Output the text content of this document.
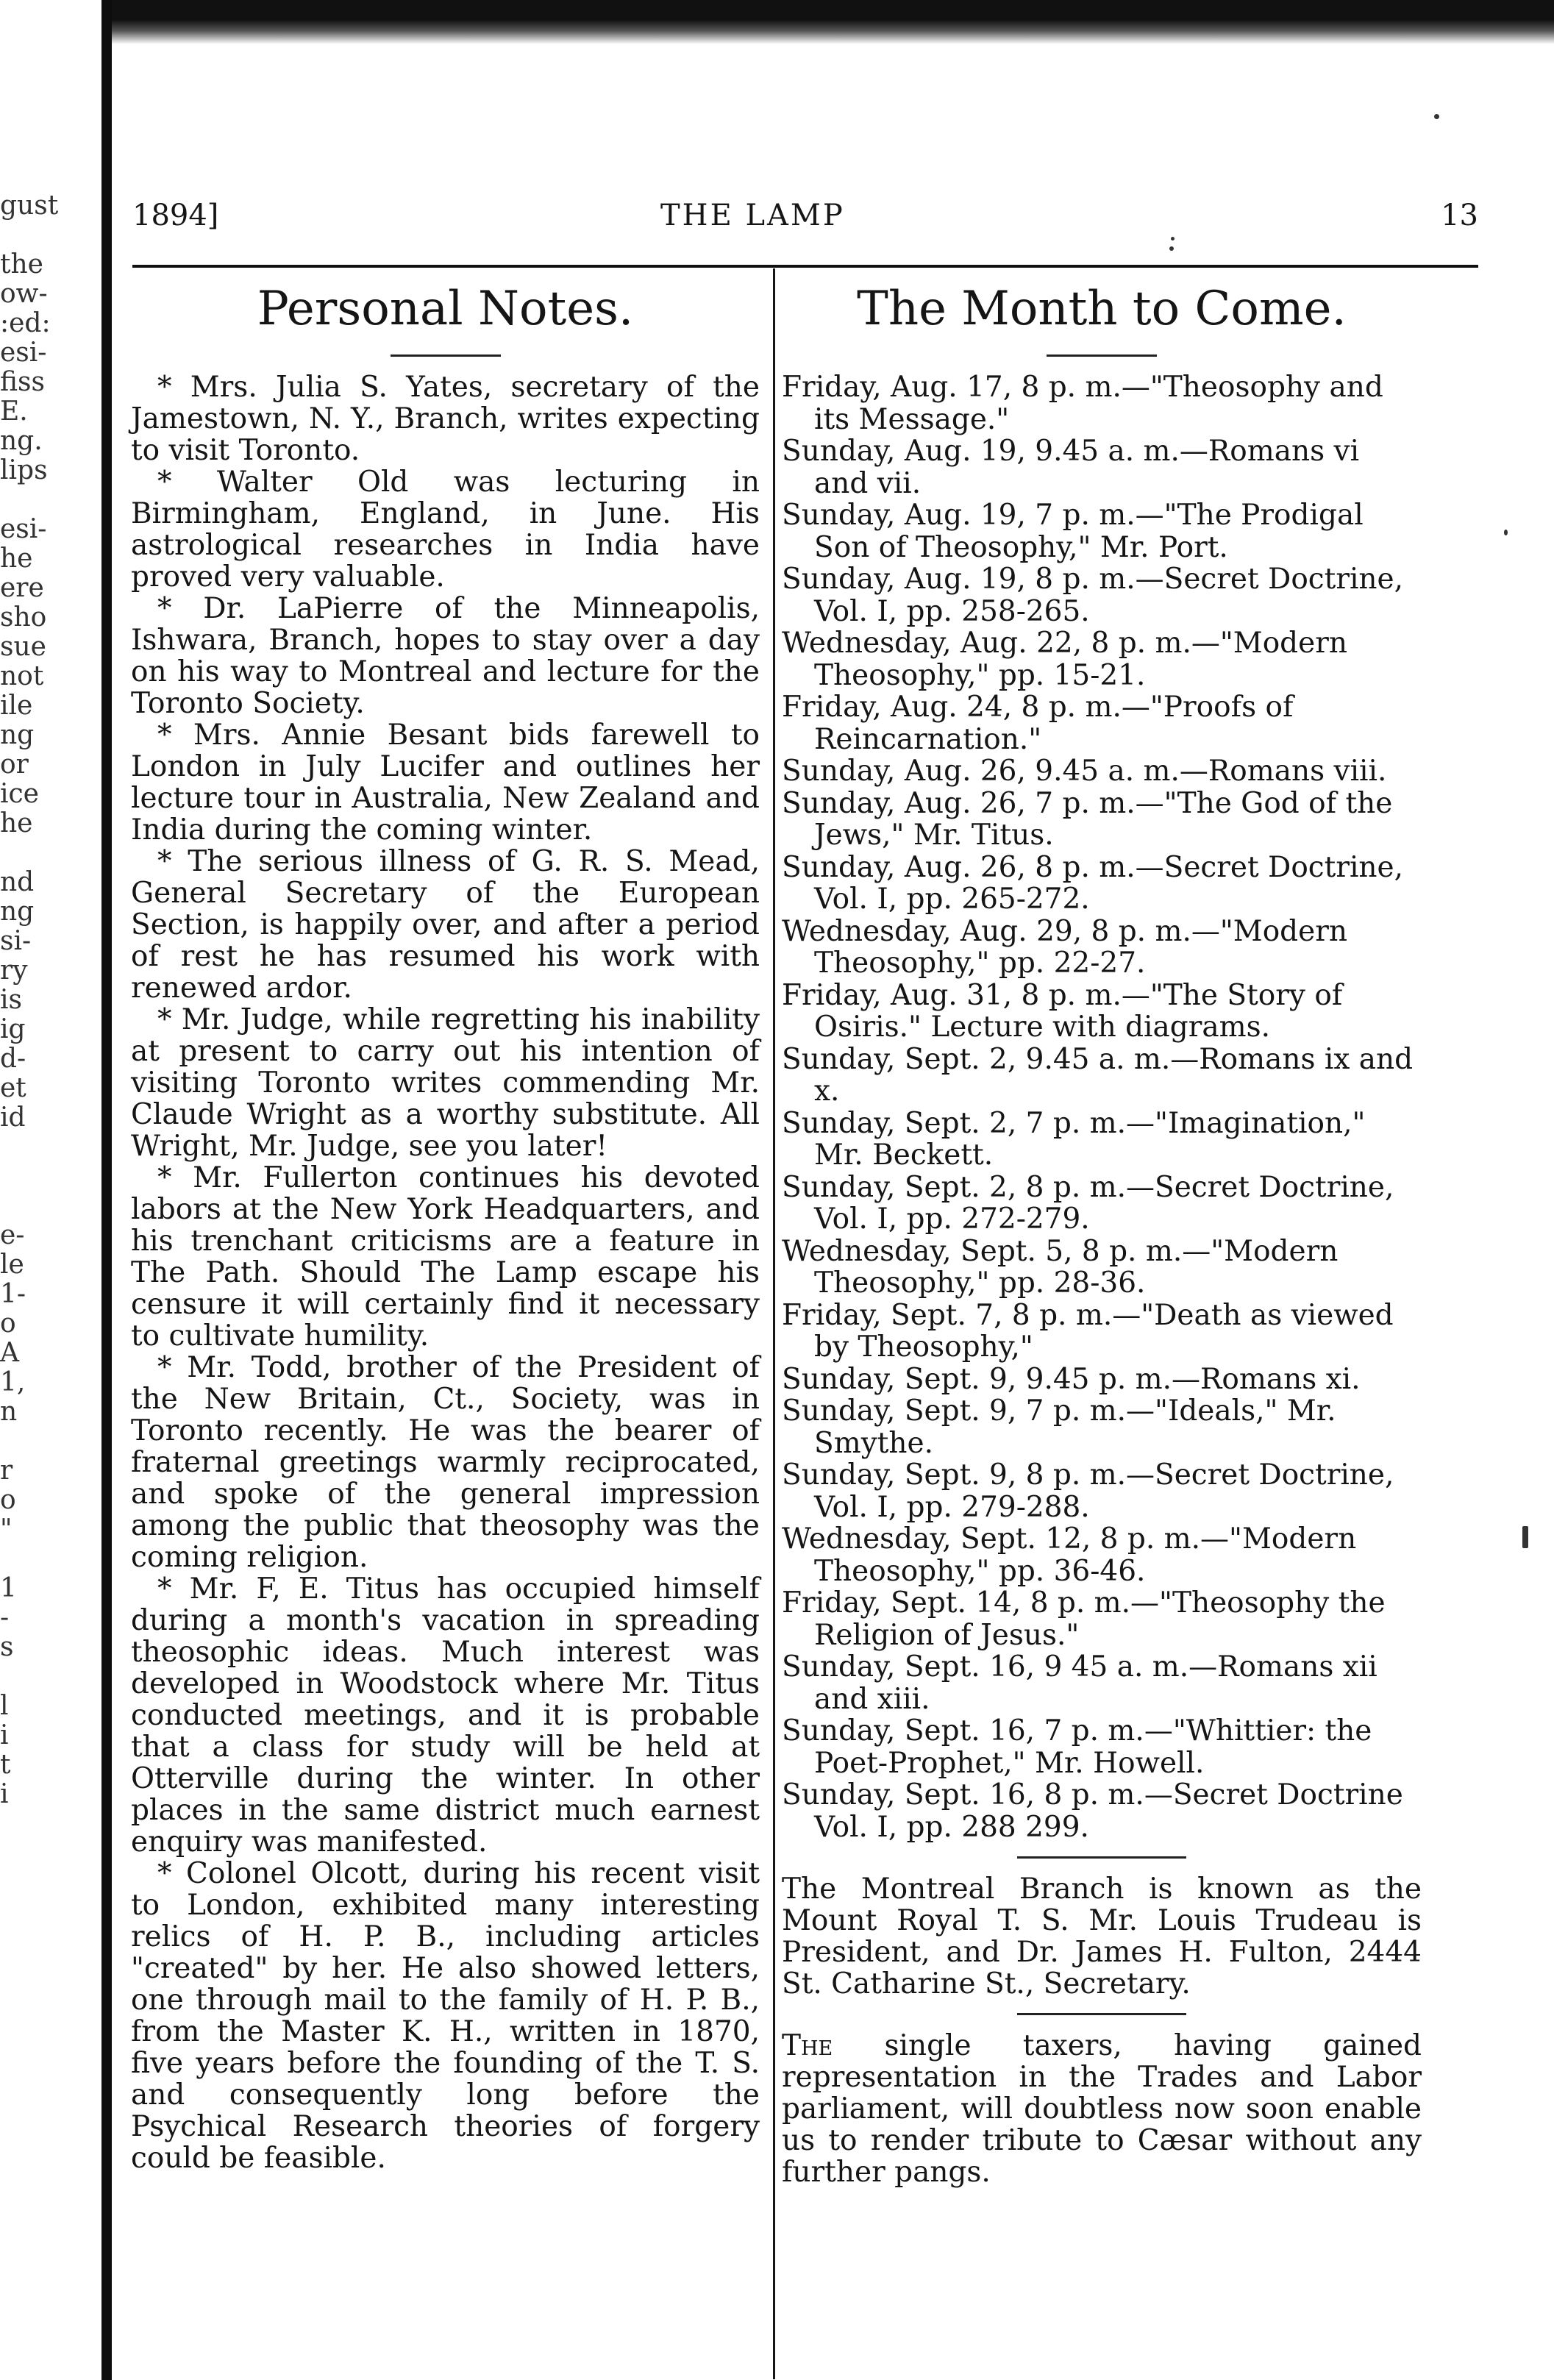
gust
the
ow-
:ed:
esi-
fiss
E.
ng.
lips
esi-
he
ere
sho
sue
not
ile
ng
or
ice
he
nd
ng
si-
ry
is
ig
d-
et
id
e-
le
1-
o
A
1,
n
r
o
"
1
-
s
l
i
t
i
1894]	THE LAMP	13
Personal Notes.

* Mrs. Julia S. Yates, secretary of the Jamestown, N. Y., Branch, writes expecting to visit Toronto.

* Walter Old was lecturing in Birmingham, England, in June. His astrological researches in India have proved very valuable.

* Dr. LaPierre of the Minneapolis, Ishwara, Branch, hopes to stay over a day on his way to Montreal and lecture for the Toronto Society.

* Mrs. Annie Besant bids farewell to London in July Lucifer and outlines her lecture tour in Australia, New Zealand and India during the coming winter.

* The serious illness of G. R. S. Mead, General Secretary of the European Section, is happily over, and after a period of rest he has resumed his work with renewed ardor.

* Mr. Judge, while regretting his inability at present to carry out his intention of visiting Toronto writes commending Mr. Claude Wright as a worthy substitute. All Wright, Mr. Judge, see you later!

* Mr. Fullerton continues his devoted labors at the New York Headquarters, and his trenchant criticisms are a feature in The Path. Should The Lamp escape his censure it will certainly find it necessary to cultivate humility.

* Mr. Todd, brother of the President of the New Britain, Ct., Society, was in Toronto recently. He was the bearer of fraternal greetings warmly reciprocated, and spoke of the general impression among the public that theosophy was the coming religion.

* Mr. F, E. Titus has occupied himself during a month's vacation in spreading theosophic ideas. Much interest was developed in Woodstock where Mr. Titus conducted meetings, and it is probable that a class for study will be held at Otterville during the winter. In other places in the same district much earnest enquiry was manifested.

* Colonel Olcott, during his recent visit to London, exhibited many interesting relics of H. P. B., including articles "created" by her. He also showed letters, one through mail to the family of H. P. B., from the Master K. H., written in 1870, five years before the founding of the T. S. and consequently long before the Psychical Research theories of forgery could be feasible.

The Month to Come.

Friday, Aug. 17, 8 p. m.—"Theosophy and its Message."

Sunday, Aug. 19, 9.45 a. m.—Romans vi and vii.

Sunday, Aug. 19, 7 p. m.—"The Prodigal Son of Theosophy," Mr. Port.

Sunday, Aug. 19, 8 p. m.—Secret Doctrine, Vol. I, pp. 258-265.

Wednesday, Aug. 22, 8 p. m.—"Modern Theosophy," pp. 15-21.

Friday, Aug. 24, 8 p. m.—"Proofs of Reincarnation."

Sunday, Aug. 26, 9.45 a. m.—Romans viii.

Sunday, Aug. 26, 7 p. m.—"The God of the Jews," Mr. Titus.

Sunday, Aug. 26, 8 p. m.—Secret Doctrine, Vol. I, pp. 265-272.

Wednesday, Aug. 29, 8 p. m.—"Modern Theosophy," pp. 22-27.

Friday, Aug. 31, 8 p. m.—"The Story of Osiris." Lecture with diagrams.

Sunday, Sept. 2, 9.45 a. m.—Romans ix and x.

Sunday, Sept. 2, 7 p. m.—"Imagination," Mr. Beckett.

Sunday, Sept. 2, 8 p. m.—Secret Doctrine, Vol. I, pp. 272-279.

Wednesday, Sept. 5, 8 p. m.—"Modern Theosophy," pp. 28-36.

Friday, Sept. 7, 8 p. m.—"Death as viewed by Theosophy,"

Sunday, Sept. 9, 9.45 p. m.—Romans xi.

Sunday, Sept. 9, 7 p. m.—"Ideals," Mr. Smythe.

Sunday, Sept. 9, 8 p. m.—Secret Doctrine, Vol. I, pp. 279-288.

Wednesday, Sept. 12, 8 p. m.—"Modern Theosophy," pp. 36-46.

Friday, Sept. 14, 8 p. m.—"Theosophy the Religion of Jesus."

Sunday, Sept. 16, 9 45 a. m.—Romans xii and xiii.

Sunday, Sept. 16, 7 p. m.—"Whittier: the Poet-Prophet," Mr. Howell.

Sunday, Sept. 16, 8 p. m.—Secret Doctrine Vol. I, pp. 288 299.

The Montreal Branch is known as the Mount Royal T. S. Mr. Louis Trudeau is President, and Dr. James H. Fulton, 2444 St. Catharine St., Secretary.

The single taxers, having gained representation in the Trades and Labor parliament, will doubtless now soon enable us to render tribute to Cæsar without any further pangs.
